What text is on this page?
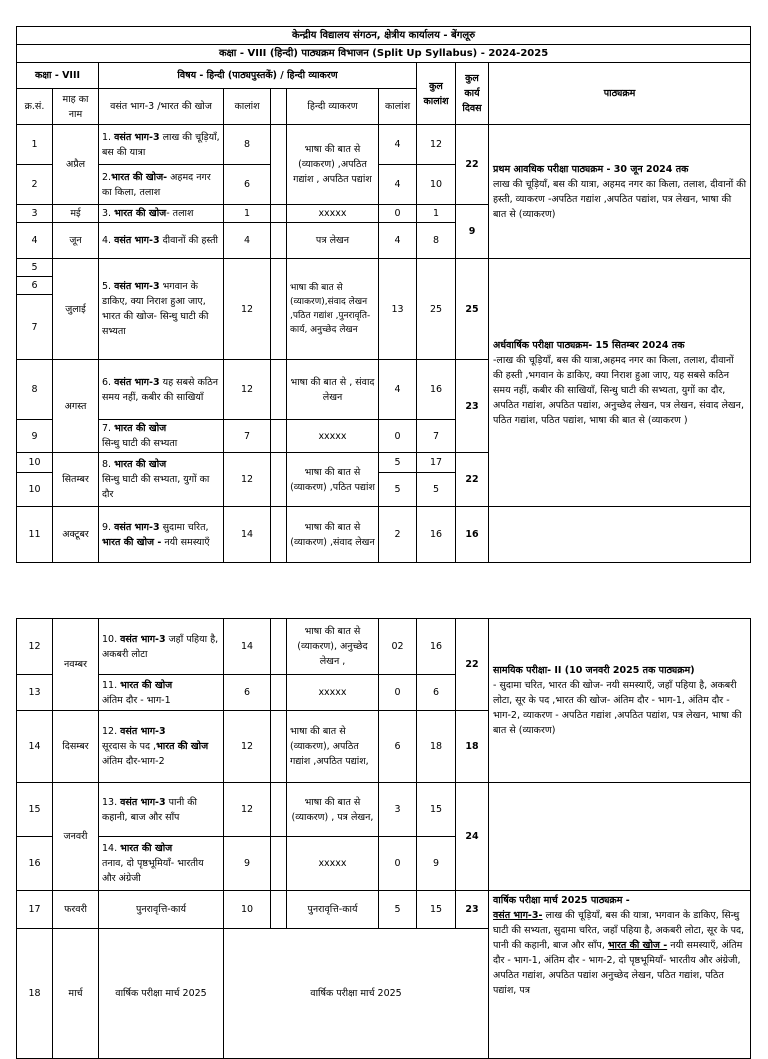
केन्द्रीय विद्यालय संगठन, क्षेत्रीय कार्यालय - बेंगलूरु									
कक्षा - VIII (हिन्दी) पाठ्यक्रम विभाजन (Split Up Syllabus) - 2024-2025									
कक्षा - VIII		विषय - हिन्दी (पाठ्यपुस्तकें) / हिन्दी व्याकरण					कुल कालांश	कुल कार्य दिवस	पाठ्यक्रम
क्र.सं.	माह का नाम	वसंत भाग-3 /भारत की खोज	कालांश		हिन्दी व्याकरण	कालांश			
1	अप्रैल	1. वसंत भाग-3 लाख की चूड़ियाँ, बस की यात्रा	8		भाषा की बात से (व्याकरण) ,अपठित गद्यांश , अपठित पद्यांश	4	12	22	प्रथम आवधिक परीक्षा पाठ्यक्रम - 30 जून 2024 तक
लाख की चूड़ियाँ, बस की यात्रा, अहमद नगर का किला, तलाश, दीवानों की हस्ती, व्याकरण -अपठित गद्यांश ,अपठित पद्यांश, पत्र लेखन, भाषा की बात से (व्याकरण)
2		2.भारत की खोज- अहमद नगर का किला, तलाश	6			4	10		
3	मई	3. भारत की खोज- तलाश	1		xxxxx	0	1	9	
4	जून	4. वसंत भाग-3 दीवानों की हस्ती	4		पत्र लेखन	4	8		
5	जुलाई	5. वसंत भाग-3 भगवान के डाकिए, क्या निराश हुआ जाए, भारत की खोज- सिन्धु घाटी की सभ्यता	12		भाषा की बात से (व्याकरण),संवाद लेखन ,पठित गद्यांश ,पुनरावृति-कार्य, अनुच्छेद लेखन	13	25	25	अर्धवार्षिक परीक्षा पाठ्यक्रम- 15 सितम्बर 2024 तक
-लाख की चूड़ियाँ, बस की यात्रा,अहमद नगर का किला, तलाश, दीवानों की हस्ती ,भगवान के डाकिए, क्या निराश हुआ जाए, यह सबसे कठिन समय नहीं, कबीर की साखियाँ, सिन्धु घाटी की सभ्यता, युगों का दौर, अपठित गद्यांश, अपठित पद्यांश, अनुच्छेद लेखन, पत्र लेखन, संवाद लेखन, पठित गद्यांश, पठित पद्यांश, भाषा की बात से (व्याकरण )
6									
7									
8	अगस्त	6. वसंत भाग-3 यह सबसे कठिन समय नहीं, कबीर की साखियाँ	12		भाषा की बात से , संवाद लेखन	4	16	23	
9		7. भारत की खोज
सिन्धु घाटी की सभ्यता	7		xxxxx	0	7		
10	सितम्बर	8. भारत की खोज
सिन्धु घाटी की सभ्यता, युगों का दौर	12		भाषा की बात से (व्याकरण) ,पठित पद्यांश	5	17	22	
10						5	5		
11	अक्टूबर	9. वसंत भाग-3 सुदामा चरित, भारत की खोज - नयी समस्याएँ	14		भाषा की बात से (व्याकरण) ,संवाद लेखन	2	16	16	
12	नवम्बर	10. वसंत भाग-3 जहाँ पहिया है, अकबरी लोटा	14		भाषा की बात से (व्याकरण), अनुच्छेद लेखन ,	02	16	22	सामयिक परीक्षा- II (10 जनवरी 2025 तक पाठ्यक्रम)
- सुदामा चरित, भारत की खोज- नयी समस्याएँ, जहाँ पहिया है, अकबरी लोटा, सूर के पद ,भारत की खोज- अंतिम दौर - भाग-1, अंतिम दौर - भाग-2, व्याकरण - अपठित गद्यांश ,अपठित पद्यांश, पत्र लेखन, भाषा की बात से (व्याकरण)
13		11. भारत की खोज
अंतिम दौर - भाग-1	6		xxxxx	0	6		
14	दिसम्बर	12. वसंत भाग-3
सूरदास के पद ,भारत की खोज अंतिम दौर-भाग-2	12		भाषा की बात से (व्याकरण), अपठित गद्यांश ,अपठित पद्यांश,	6	18	18	
15	जनवरी	13. वसंत भाग-3 पानी की कहानी, बाज और साँप	12		भाषा की बात से (व्याकरण) , पत्र लेखन,	3	15	24	
16		14. भारत की खोज
तनाव, दो पृष्ठभूमियाँ- भारतीय और अंग्रेजी	9		xxxxx	0	9		
17	फरवरी	पुनरावृत्ति-कार्य	10		पुनरावृत्ति-कार्य	5	15	23	वार्षिक परीक्षा मार्च 2025 पाठ्यक्रम -
वसंत भाग-3- लाख की चूड़ियाँ, बस की यात्रा, भगवान के डाकिए, सिन्धु घाटी की सभ्यता, सुदामा चरित, जहाँ पहिया है, अकबरी लोटा, सूर के पद, पानी की कहानी, बाज और साँप, भारत की खोज - नयी समस्याएँ, अंतिम दौर - भाग-1, अंतिम दौर - भाग-2, दो पृष्ठभूमियाँ- भारतीय और अंग्रेजी, अपठित गद्यांश, अपठित पद्यांश अनुच्छेद लेखन, पठित गद्यांश, पठित पद्यांश, पत्र
18	मार्च	वार्षिक परीक्षा मार्च 2025	वार्षिक परीक्षा मार्च 2025						
